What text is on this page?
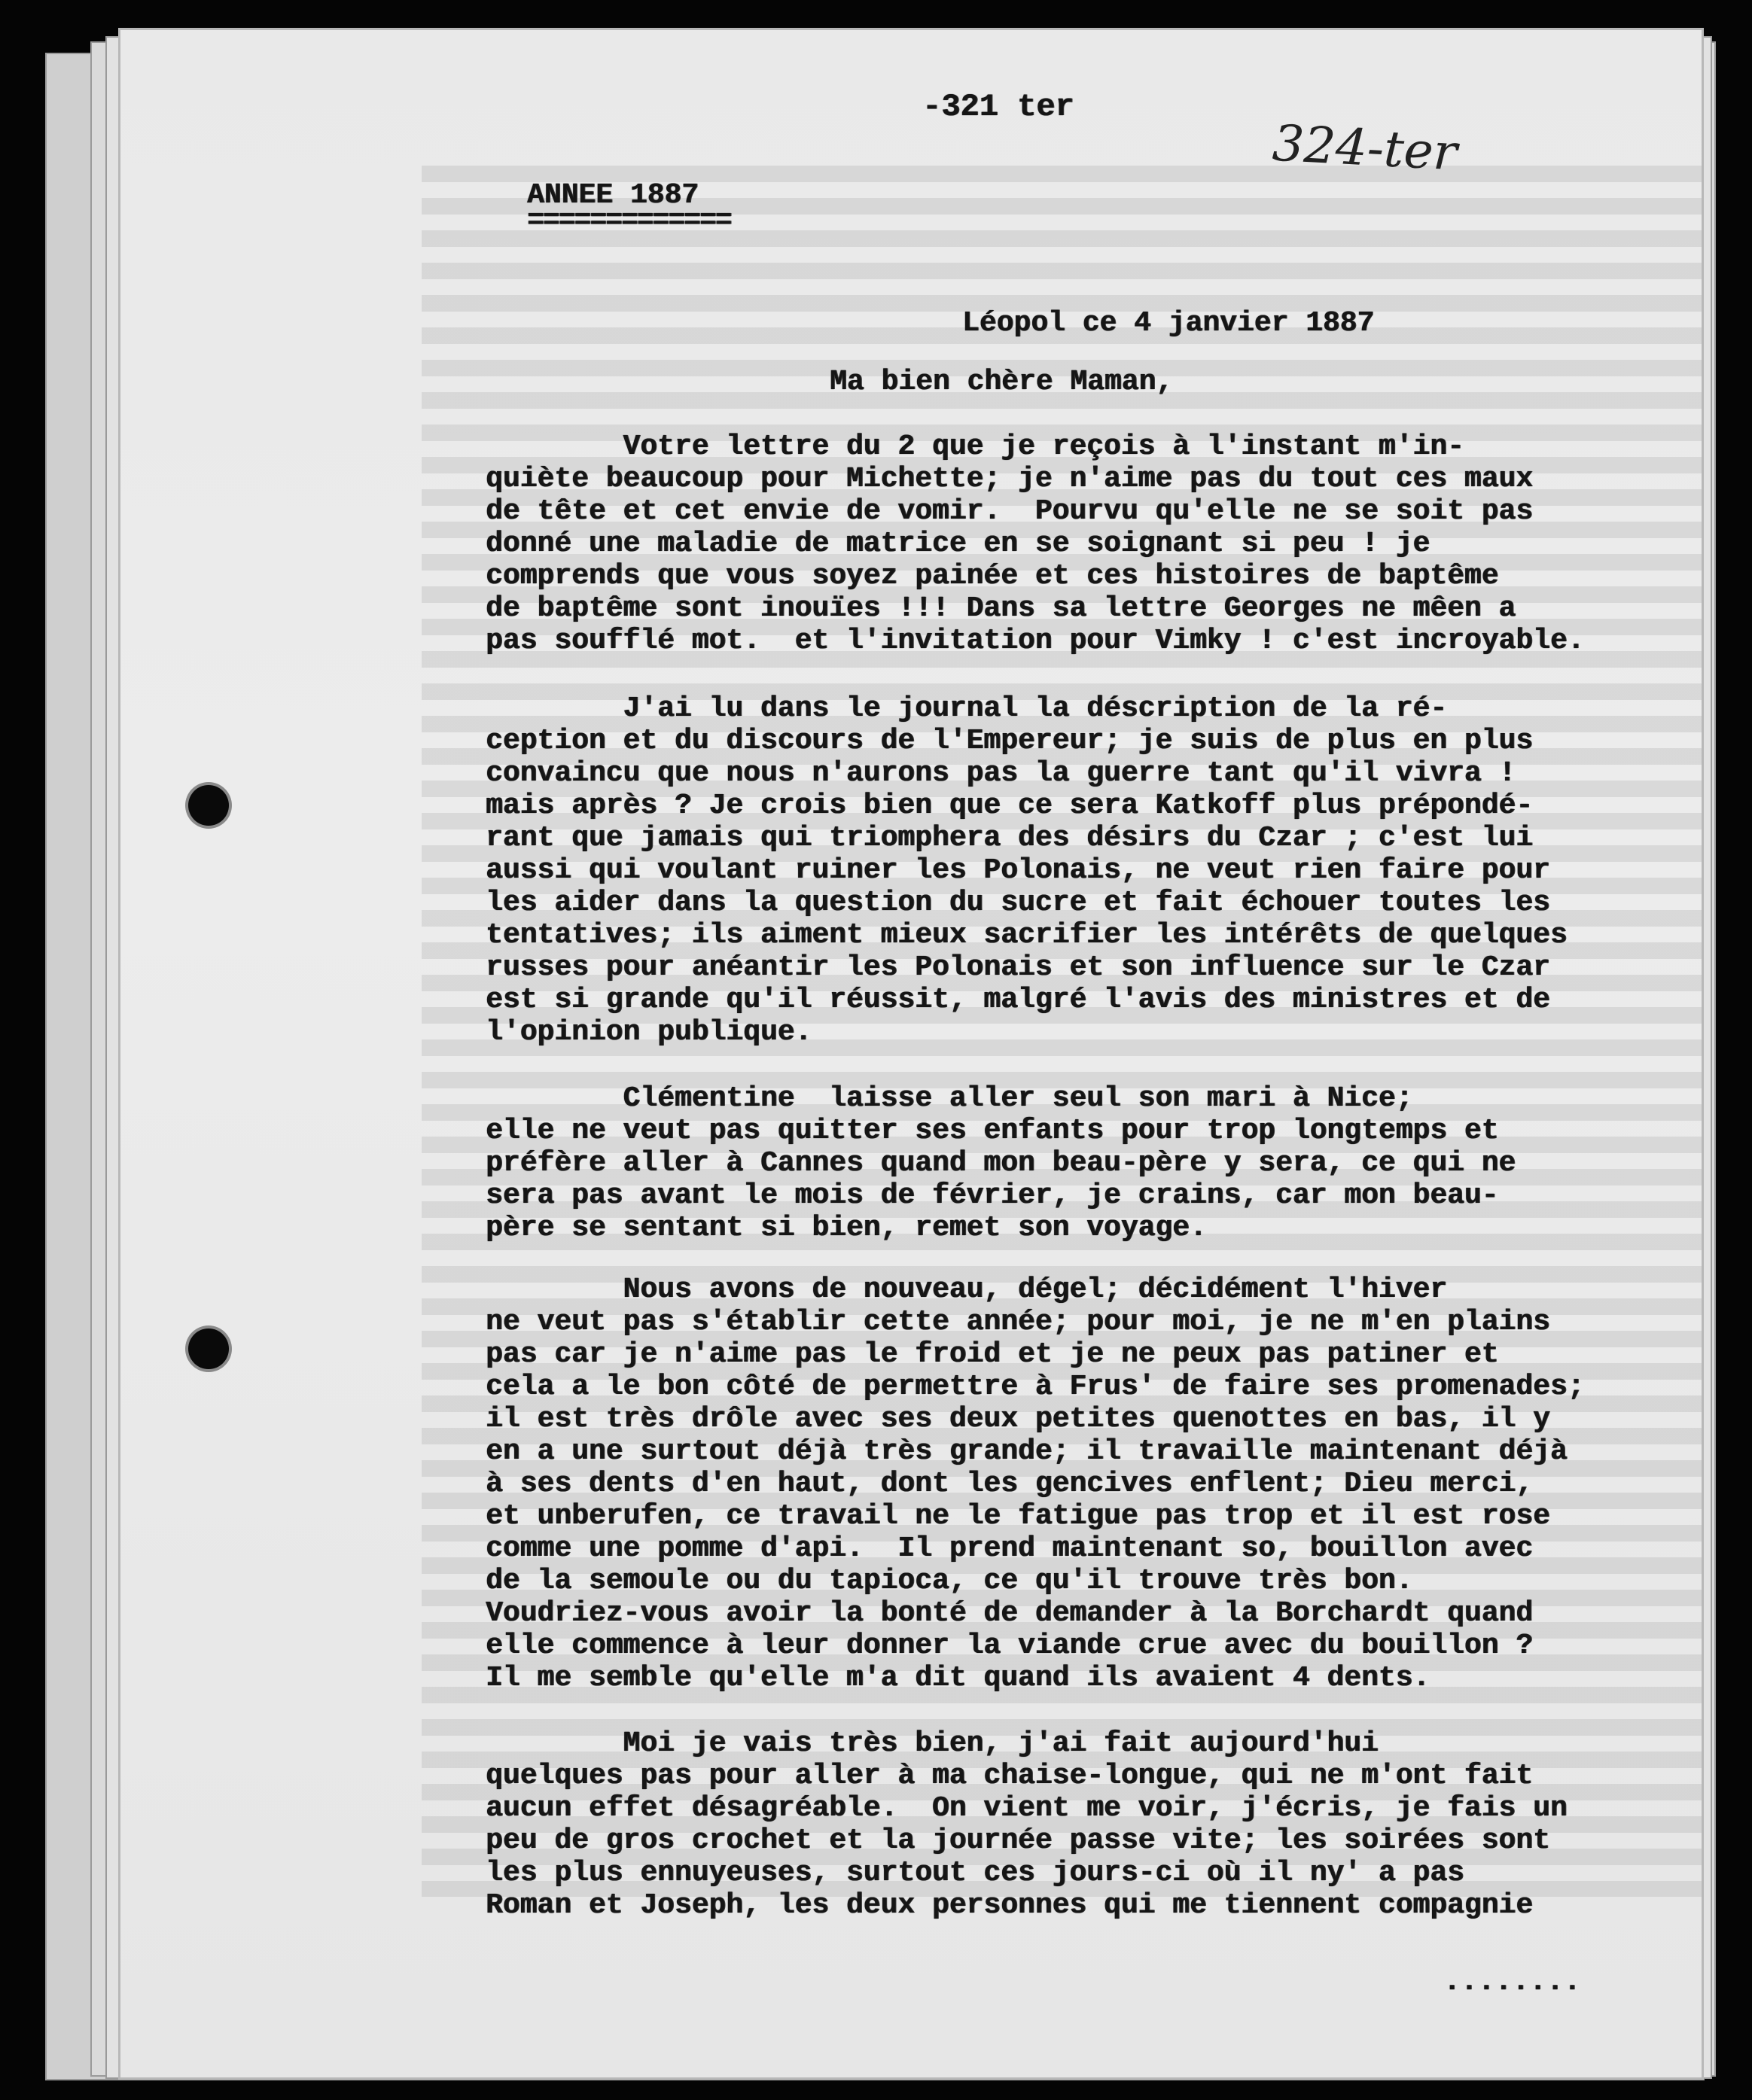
-321 ter
324-ter
ANNEE 1887
=============
Léopol ce 4 janvier 1887
Ma bien chère Maman,
Votre lettre du 2 que je reçois à l'instant m'in-
quiète beaucoup pour Michette; je n'aime pas du tout ces maux
de tête et cet envie de vomir.  Pourvu qu'elle ne se soit pas
donné une maladie de matrice en se soignant si peu ! je
comprends que vous soyez painée et ces histoires de baptême
de baptême sont inouïes !!! Dans sa lettre Georges ne mêen a
pas soufflé mot.  et l'invitation pour Vimky ! c'est incroyable.
J'ai lu dans le journal la déscription de la ré-
ception et du discours de l'Empereur; je suis de plus en plus
convaincu que nous n'aurons pas la guerre tant qu'il vivra !
mais après ? Je crois bien que ce sera Katkoff plus prépondé-
rant que jamais qui triomphera des désirs du Czar ; c'est lui
aussi qui voulant ruiner les Polonais, ne veut rien faire pour
les aider dans la question du sucre et fait échouer toutes les
tentatives; ils aiment mieux sacrifier les intérêts de quelques
russes pour anéantir les Polonais et son influence sur le Czar
est si grande qu'il réussit, malgré l'avis des ministres et de
l'opinion publique.
Clémentine  laisse aller seul son mari à Nice;
elle ne veut pas quitter ses enfants pour trop longtemps et
préfère aller à Cannes quand mon beau-père y sera, ce qui ne
sera pas avant le mois de février, je crains, car mon beau-
père se sentant si bien, remet son voyage.
Nous avons de nouveau, dégel; décidément l'hiver
ne veut pas s'établir cette année; pour moi, je ne m'en plains
pas car je n'aime pas le froid et je ne peux pas patiner et
cela a le bon côté de permettre à Frus' de faire ses promenades;
il est très drôle avec ses deux petites quenottes en bas, il y
en a une surtout déjà très grande; il travaille maintenant déjà
à ses dents d'en haut, dont les gencives enflent; Dieu merci,
et unberufen, ce travail ne le fatigue pas trop et il est rose
comme une pomme d'api.  Il prend maintenant so, bouillon avec
de la semoule ou du tapioca, ce qu'il trouve très bon.
Voudriez-vous avoir la bonté de demander à la Borchardt quand
elle commence à leur donner la viande crue avec du bouillon ?
Il me semble qu'elle m'a dit quand ils avaient 4 dents.
Moi je vais très bien, j'ai fait aujourd'hui
quelques pas pour aller à ma chaise-longue, qui ne m'ont fait
aucun effet désagréable.  On vient me voir, j'écris, je fais un
peu de gros crochet et la journée passe vite; les soirées sont
les plus ennuyeuses, surtout ces jours-ci où il ny' a pas
Roman et Joseph, les deux personnes qui me tiennent compagnie
........
